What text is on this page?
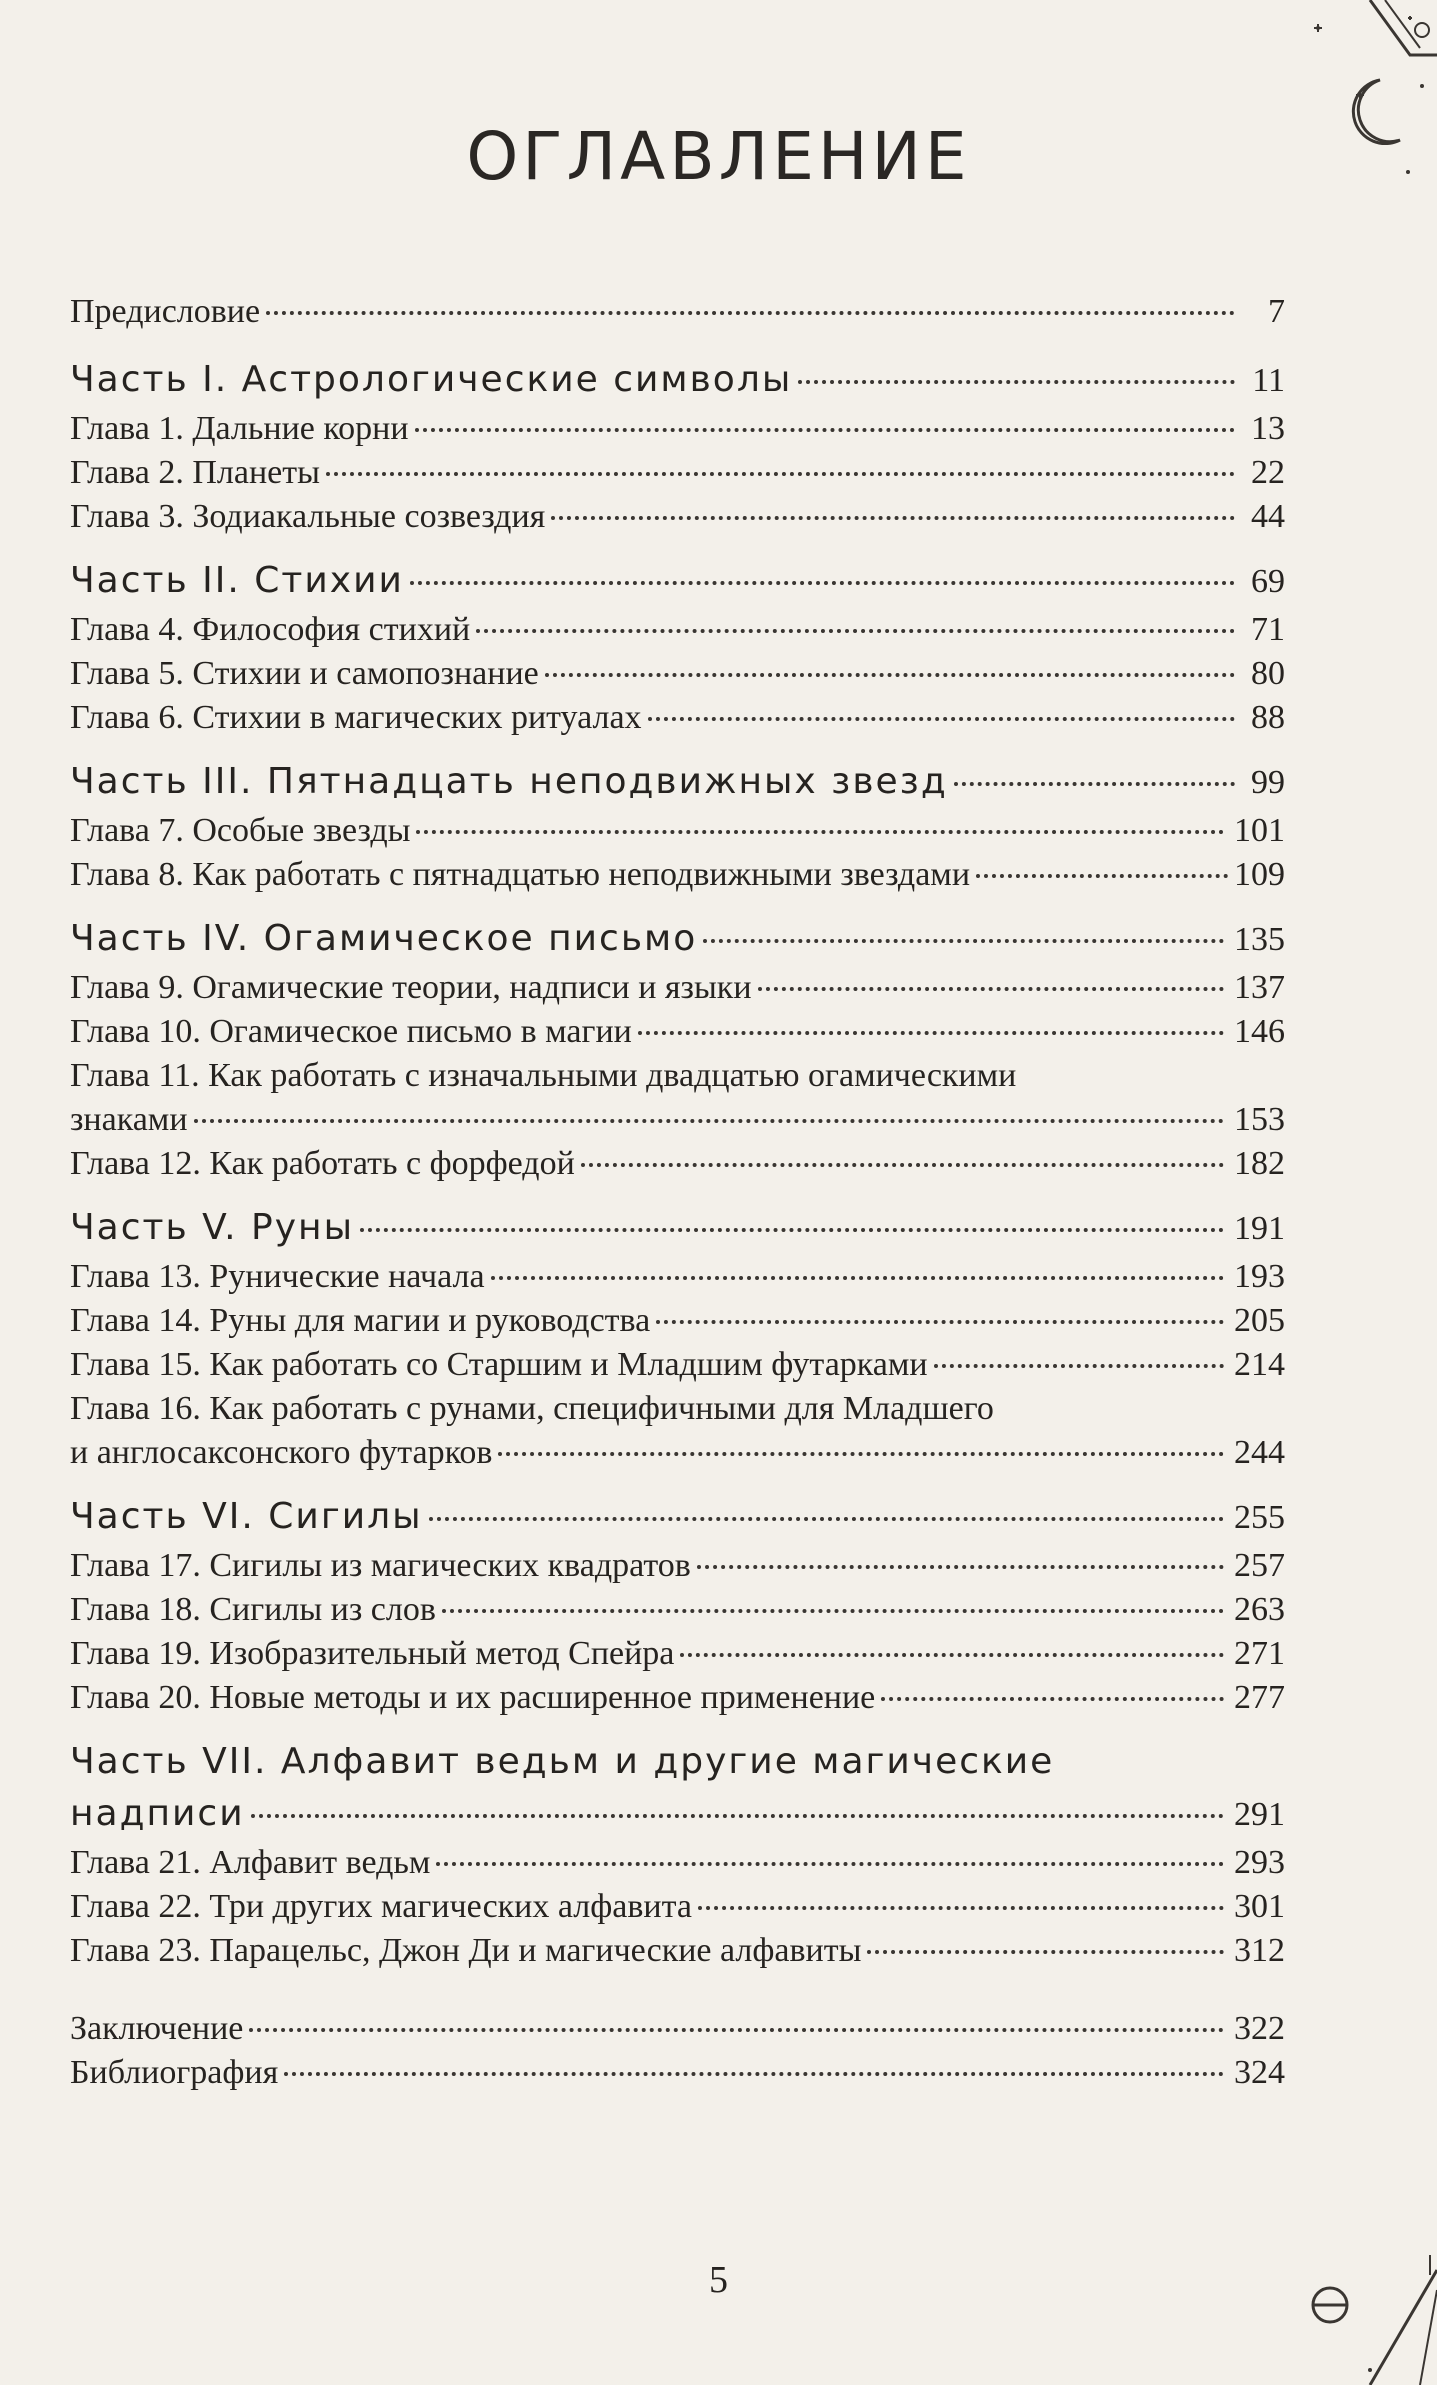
ОГЛАВЛЕНИЕ
Предисловие	7
Часть I. Астрологические символы	11
Глава 1. Дальние корни	13
Глава 2. Планеты	22
Глава 3. Зодиакальные созвездия	44
Часть II. Стихии	69
Глава 4. Философия стихий	71
Глава 5. Стихии и самопознание	80
Глава 6. Стихии в магических ритуалах	88
Часть III. Пятнадцать неподвижных звезд	99
Глава 7. Особые звезды	101
Глава 8. Как работать с пятнадцатью неподвижными звездами	109
Часть IV. Огамическое письмо	135
Глава 9. Огамические теории, надписи и языки	137
Глава 10. Огамическое письмо в магии	146
Глава 11. Как работать с изначальными двадцатью огамическими
знаками	153
Глава 12. Как работать с форфедой	182
Часть V. Руны	191
Глава 13. Рунические начала	193
Глава 14. Руны для магии и руководства	205
Глава 15. Как работать со Старшим и Младшим футарками	214
Глава 16. Как работать с рунами, специфичными для Младшего
и англосаксонского футарков	244
Часть VI. Сигилы	255
Глава 17. Сигилы из магических квадратов	257
Глава 18. Сигилы из слов	263
Глава 19. Изобразительный метод Спейра	271
Глава 20. Новые методы и их расширенное применение	277
Часть VII. Алфавит ведьм и другие магические
надписи	291
Глава 21. Алфавит ведьм	293
Глава 22. Три других магических алфавита	301
Глава 23. Парацельс, Джон Ди и магические алфавиты	312
Заключение	322
Библиография	324
5
